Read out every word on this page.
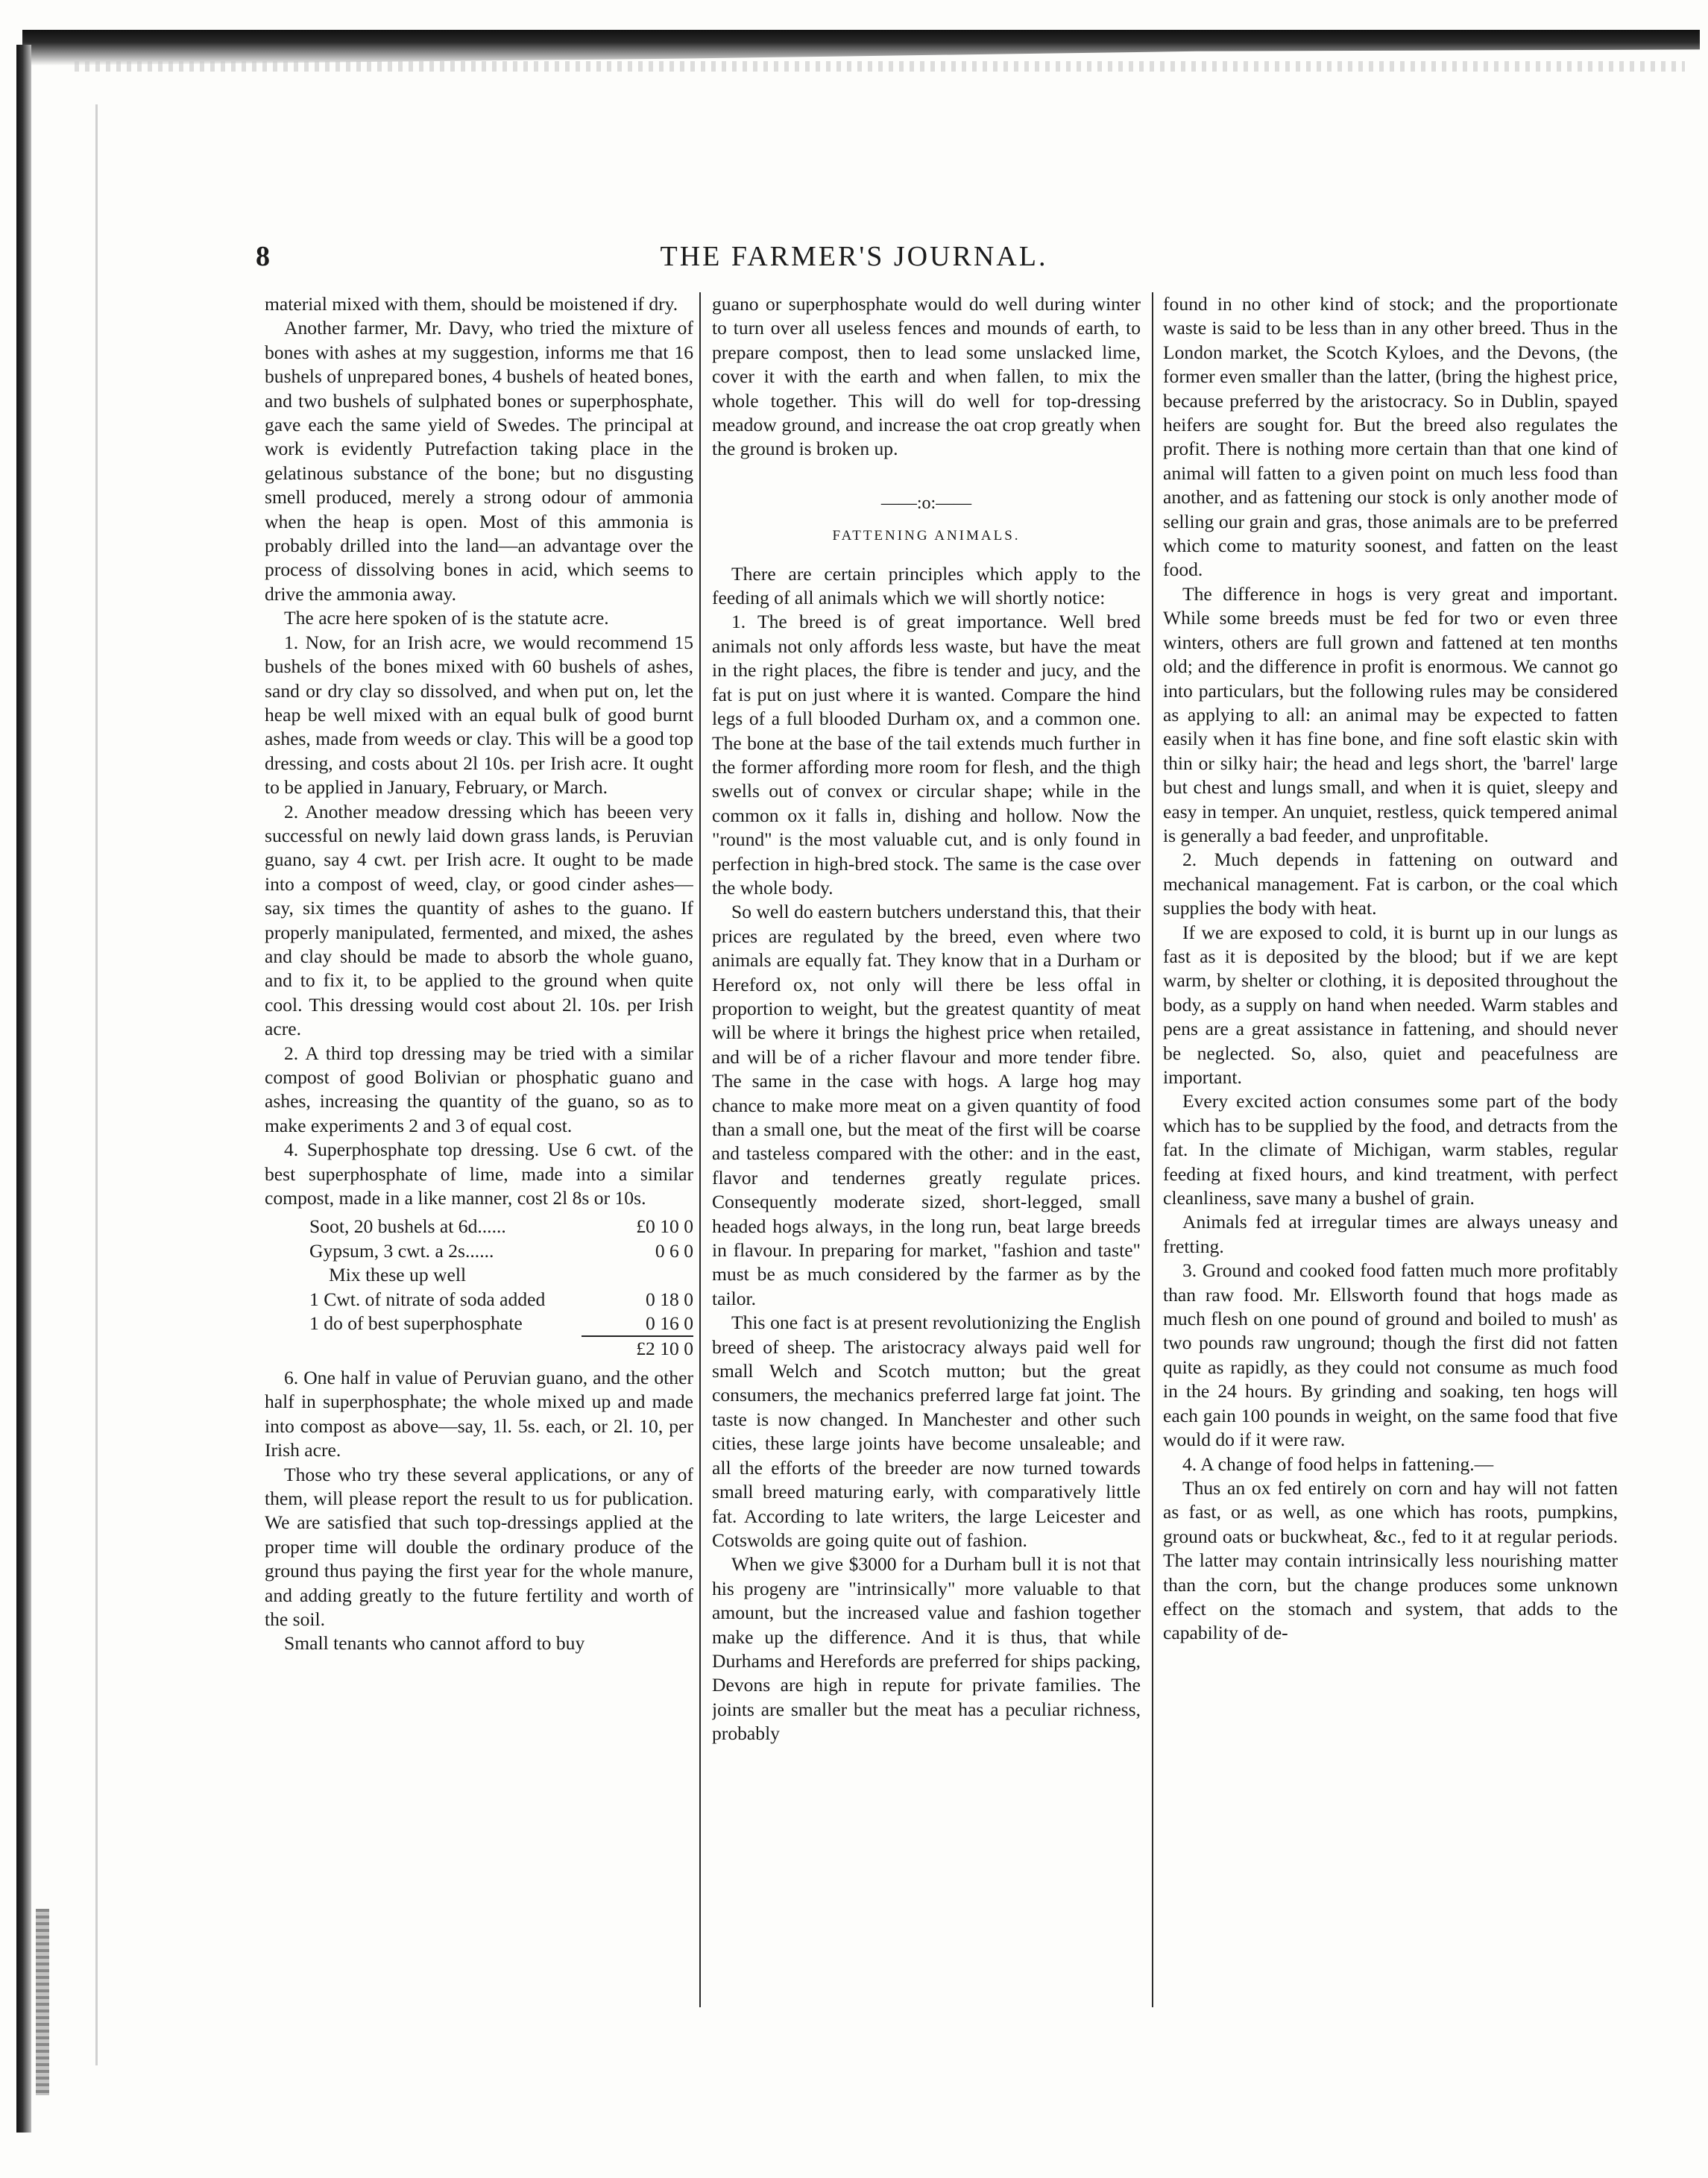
THE FARMER'S JOURNAL.
8

material mixed with them, should be moistened if dry.

Another farmer, Mr. Davy, who tried the mixture of bones with ashes at my suggestion, informs me that 16 bushels of unprepared bones, 4 bushels of heated bones, and two bushels of sulphated bones or superphosphate, gave each the same yield of Swedes. The principal at work is evidently Putrefaction taking place in the gelatinous substance of the bone; but no disgusting smell produced, merely a strong odour of ammonia when the heap is open. Most of this ammonia is probably drilled into the land—an advantage over the process of dissolving bones in acid, which seems to drive the ammonia away.

The acre here spoken of is the statute acre.

1. Now, for an Irish acre, we would recommend 15 bushels of the bones mixed with 60 bushels of ashes, sand or dry clay so dissolved, and when put on, let the heap be well mixed with an equal bulk of good burnt ashes, made from weeds or clay. This will be a good top dressing, and costs about 2l 10s. per Irish acre. It ought to be applied in January, February, or March.

2. Another meadow dressing which has beeen very successful on newly laid down grass lands, is Peruvian guano, say 4 cwt. per Irish acre. It ought to be made into a compost of weed, clay, or good cinder ashes—say, six times the quantity of ashes to the guano. If properly manipulated, fermented, and mixed, the ashes and clay should be made to absorb the whole guano, and to fix it, to be applied to the ground when quite cool. This dressing would cost about 2l. 10s. per Irish acre.

2. A third top dressing may be tried with a similar compost of good Bolivian or phosphatic guano and ashes, increasing the quantity of the guano, so as to make experiments 2 and 3 of equal cost.

4. Superphosphate top dressing. Use 6 cwt. of the best superphosphate of lime, made into a similar compost, made in a like manner, cost 2l 8s or 10s.

Soot, 20 bushels at 6d......	£0 10 0
Gypsum, 3 cwt. a 2s......	0 6 0
Mix these up well
1 Cwt. of nitrate of soda added	0 18 0
1 do of best superphosphate	0 16 0
£2 10 0

6. One half in value of Peruvian guano, and the other half in superphosphate; the whole mixed up and made into compost as above—say, 1l. 5s. each, or 2l. 10, per Irish acre.

Those who try these several applications, or any of them, will please report the result to us for publication. We are satisfied that such top-dressings applied at the proper time will double the ordinary produce of the ground thus paying the first year for the whole manure, and adding greatly to the future fertility and worth of the soil.

Small tenants who cannot afford to buy

guano or superphosphate would do well during winter to turn over all useless fences and mounds of earth, to prepare compost, then to lead some unslacked lime, cover it with the earth and when fallen, to mix the whole together. This will do well for top-dressing meadow ground, and increase the oat crop greatly when the ground is broken up.

——:o:——
FATTENING ANIMALS.

There are certain principles which apply to the feeding of all animals which we will shortly notice:

1. The breed is of great importance. Well bred animals not only affords less waste, but have the meat in the right places, the fibre is tender and jucy, and the fat is put on just where it is wanted. Compare the hind legs of a full blooded Durham ox, and a common one. The bone at the base of the tail extends much further in the former affording more room for flesh, and the thigh swells out of convex or circular shape; while in the common ox it falls in, dishing and hollow. Now the "round" is the most valuable cut, and is only found in perfection in high-bred stock. The same is the case over the whole body.

So well do eastern butchers understand this, that their prices are regulated by the breed, even where two animals are equally fat. They know that in a Durham or Hereford ox, not only will there be less offal in proportion to weight, but the greatest quantity of meat will be where it brings the highest price when retailed, and will be of a richer flavour and more tender fibre. The same in the case with hogs. A large hog may chance to make more meat on a given quantity of food than a small one, but the meat of the first will be coarse and tasteless compared with the other: and in the east, flavor and tendernes greatly regulate prices. Consequently moderate sized, short-legged, small headed hogs always, in the long run, beat large breeds in flavour. In preparing for market, "fashion and taste" must be as much considered by the farmer as by the tailor.

This one fact is at present revolutionizing the English breed of sheep. The aristocracy always paid well for small Welch and Scotch mutton; but the great consumers, the mechanics preferred large fat joint. The taste is now changed. In Manchester and other such cities, these large joints have become unsaleable; and all the efforts of the breeder are now turned towards small breed maturing early, with comparatively little fat. According to late writers, the large Leicester and Cotswolds are going quite out of fashion.

When we give $3000 for a Durham bull it is not that his progeny are "intrinsically" more valuable to that amount, but the increased value and fashion together make up the difference. And it is thus, that while Durhams and Herefords are preferred for ships packing, Devons are high in repute for private families. The joints are smaller but the meat has a peculiar richness, probably

found in no other kind of stock; and the proportionate waste is said to be less than in any other breed. Thus in the London market, the Scotch Kyloes, and the Devons, (the former even smaller than the latter, (bring the highest price, because preferred by the aristocracy. So in Dublin, spayed heifers are sought for. But the breed also regulates the profit. There is nothing more certain than that one kind of animal will fatten to a given point on much less food than another, and as fattening our stock is only another mode of selling our grain and gras, those animals are to be preferred which come to maturity soonest, and fatten on the least food.

The difference in hogs is very great and important. While some breeds must be fed for two or even three winters, others are full grown and fattened at ten months old; and the difference in profit is enormous. We cannot go into particulars, but the following rules may be considered as applying to all: an animal may be expected to fatten easily when it has fine bone, and fine soft elastic skin with thin or silky hair; the head and legs short, the 'barrel' large but chest and lungs small, and when it is quiet, sleepy and easy in temper. An unquiet, restless, quick tempered animal is generally a bad feeder, and unprofitable.

2. Much depends in fattening on outward and mechanical management. Fat is carbon, or the coal which supplies the body with heat.

If we are exposed to cold, it is burnt up in our lungs as fast as it is deposited by the blood; but if we are kept warm, by shelter or clothing, it is deposited throughout the body, as a supply on hand when needed. Warm stables and pens are a great assistance in fattening, and should never be neglected. So, also, quiet and peacefulness are important.

Every excited action consumes some part of the body which has to be supplied by the food, and detracts from the fat. In the climate of Michigan, warm stables, regular feeding at fixed hours, and kind treatment, with perfect cleanliness, save many a bushel of grain.

Animals fed at irregular times are always uneasy and fretting.

3. Ground and cooked food fatten much more profitably than raw food. Mr. Ellsworth found that hogs made as much flesh on one pound of ground and boiled to mush' as two pounds raw unground; though the first did not fatten quite as rapidly, as they could not consume as much food in the 24 hours. By grinding and soaking, ten hogs will each gain 100 pounds in weight, on the same food that five would do if it were raw.

4. A change of food helps in fattening.—

Thus an ox fed entirely on corn and hay will not fatten as fast, or as well, as one which has roots, pumpkins, ground oats or buckwheat, &c., fed to it at regular periods. The latter may contain intrinsically less nourishing matter than the corn, but the change produces some unknown effect on the stomach and system, that adds to the capability of de-
